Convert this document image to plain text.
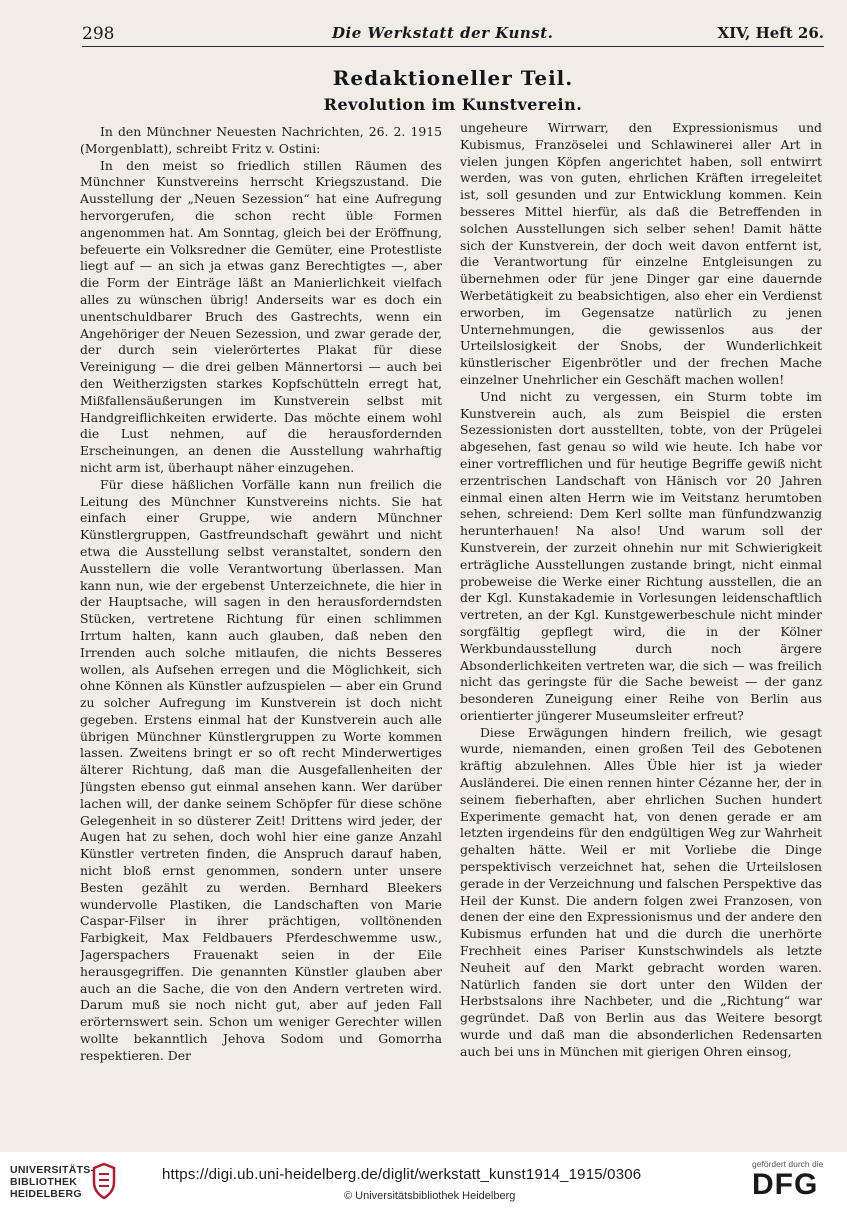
298	Die Werkstatt der Kunst.	XIV, Heft 26.
Redaktioneller Teil.
Revolution im Kunstverein.

In den Münchner Neuesten Nachrichten, 26. 2. 1915 (Morgenblatt), schreibt Fritz v. Ostini:

In den meist so friedlich stillen Räumen des Münchner Kunstvereins herrscht Kriegszustand. Die Ausstellung der „Neuen Sezession“ hat eine Aufregung hervorgerufen, die schon recht üble Formen angenommen hat. Am Sonntag, gleich bei der Eröffnung, befeuerte ein Volksredner die Gemüter, eine Protestliste liegt auf — an sich ja etwas ganz Berechtigtes —, aber die Form der Einträge läßt an Manierlichkeit vielfach alles zu wünschen übrig! Anderseits war es doch ein unentschuldbarer Bruch des Gastrechts, wenn ein Angehöriger der Neuen Sezession, und zwar gerade der, der durch sein vielerörtertes Plakat für diese Vereinigung — die drei gelben Männertorsi — auch bei den Weitherzigsten starkes Kopfschütteln erregt hat, Mißfallensäußerungen im Kunstverein selbst mit Handgreiflichkeiten erwiderte. Das möchte einem wohl die Lust nehmen, auf die herausfordernden Erscheinungen, an denen die Ausstellung wahrhaftig nicht arm ist, überhaupt näher einzugehen.

Für diese häßlichen Vorfälle kann nun freilich die Leitung des Münchner Kunstvereins nichts. Sie hat einfach einer Gruppe, wie andern Münchner Künstlergruppen, Gastfreundschaft gewährt und nicht etwa die Ausstellung selbst veranstaltet, sondern den Ausstellern die volle Verantwortung überlassen. Man kann nun, wie der ergebenst Unterzeichnete, die hier in der Hauptsache, will sagen in den herausforderndsten Stücken, vertretene Richtung für einen schlimmen Irrtum halten, kann auch glauben, daß neben den Irrenden auch solche mitlaufen, die nichts Besseres wollen, als Aufsehen erregen und die Möglichkeit, sich ohne Können als Künstler aufzuspielen — aber ein Grund zu solcher Aufregung im Kunstverein ist doch nicht gegeben. Erstens einmal hat der Kunstverein auch alle übrigen Münchner Künstlergruppen zu Worte kommen lassen. Zweitens bringt er so oft recht Minderwertiges älterer Richtung, daß man die Ausgefallenheiten der Jüngsten ebenso gut einmal ansehen kann. Wer darüber lachen will, der danke seinem Schöpfer für diese schöne Gelegenheit in so düsterer Zeit! Drittens wird jeder, der Augen hat zu sehen, doch wohl hier eine ganze Anzahl Künstler vertreten finden, die Anspruch darauf haben, nicht bloß ernst genommen, sondern unter unsere Besten gezählt zu werden. Bernhard Bleekers wundervolle Plastiken, die Landschaften von Marie Caspar-Filser in ihrer prächtigen, volltönenden Farbigkeit, Max Feldbauers Pferdeschwemme usw., Jagerspachers Frauenakt seien in der Eile herausgegriffen. Die genannten Künstler glauben aber auch an die Sache, die von den Andern vertreten wird. Darum muß sie noch nicht gut, aber auf jeden Fall erörternswert sein. Schon um weniger Gerechter willen wollte bekanntlich Jehova Sodom und Gomorrha respektieren. Der

ungeheure Wirrwarr, den Expressionismus und Kubismus, Französelei und Schlawinerei aller Art in vielen jungen Köpfen angerichtet haben, soll entwirrt werden, was von guten, ehrlichen Kräften irregeleitet ist, soll gesunden und zur Entwicklung kommen. Kein besseres Mittel hierfür, als daß die Betreffenden in solchen Ausstellungen sich selber sehen! Damit hätte sich der Kunstverein, der doch weit davon entfernt ist, die Verantwortung für einzelne Entgleisungen zu übernehmen oder für jene Dinger gar eine dauernde Werbetätigkeit zu beabsichtigen, also eher ein Verdienst erworben, im Gegensatze natürlich zu jenen Unternehmungen, die gewissenlos aus der Urteilslosigkeit der Snobs, der Wunderlichkeit künstlerischer Eigenbrötler und der frechen Mache einzelner Unehrlicher ein Geschäft machen wollen!

Und nicht zu vergessen, ein Sturm tobte im Kunstverein auch, als zum Beispiel die ersten Sezessionisten dort ausstellten, tobte, von der Prügelei abgesehen, fast genau so wild wie heute. Ich habe vor einer vortrefflichen und für heutige Begriffe gewiß nicht erzentrischen Landschaft von Hänisch vor 20 Jahren einmal einen alten Herrn wie im Veitstanz herumtoben sehen, schreiend: Dem Kerl sollte man fünfundzwanzig herunterhauen! Na also! Und warum soll der Kunstverein, der zurzeit ohnehin nur mit Schwierigkeit erträgliche Ausstellungen zustande bringt, nicht einmal probeweise die Werke einer Richtung ausstellen, die an der Kgl. Kunstakademie in Vorlesungen leidenschaftlich vertreten, an der Kgl. Kunstgewerbeschule nicht minder sorgfältig gepflegt wird, die in der Kölner Werkbundausstellung durch noch ärgere Absonderlichkeiten vertreten war, die sich — was freilich nicht das geringste für die Sache beweist — der ganz besonderen Zuneigung einer Reihe von Berlin aus orientierter jüngerer Museumsleiter erfreut?

Diese Erwägungen hindern freilich, wie gesagt wurde, niemanden, einen großen Teil des Gebotenen kräftig abzulehnen. Alles Üble hier ist ja wieder Ausländerei. Die einen rennen hinter Cézanne her, der in seinem fieberhaften, aber ehrlichen Suchen hundert Experimente gemacht hat, von denen gerade er am letzten irgendeins für den endgültigen Weg zur Wahrheit gehalten hätte. Weil er mit Vorliebe die Dinge perspektivisch verzeichnet hat, sehen die Urteilslosen gerade in der Verzeichnung und falschen Perspektive das Heil der Kunst. Die andern folgen zwei Franzosen, von denen der eine den Expressionismus und der andere den Kubismus erfunden hat und die durch die unerhörte Frechheit eines Pariser Kunstschwindels als letzte Neuheit auf den Markt gebracht worden waren. Natürlich fanden sie dort unter den Wilden der Herbstsalons ihre Nachbeter, und die „Richtung“ war gegründet. Daß von Berlin aus das Weitere besorgt wurde und daß man die absonderlichen Redensarten auch bei uns in München mit gierigen Ohren einsog,

UNIVERSITÄTS-
BIBLIOTHEK
HEIDELBERG
https://digi.ub.uni-heidelberg.de/diglit/werkstatt_kunst1914_1915/0306
© Universitätsbibliothek Heidelberg
gefördert durch die
DFG
